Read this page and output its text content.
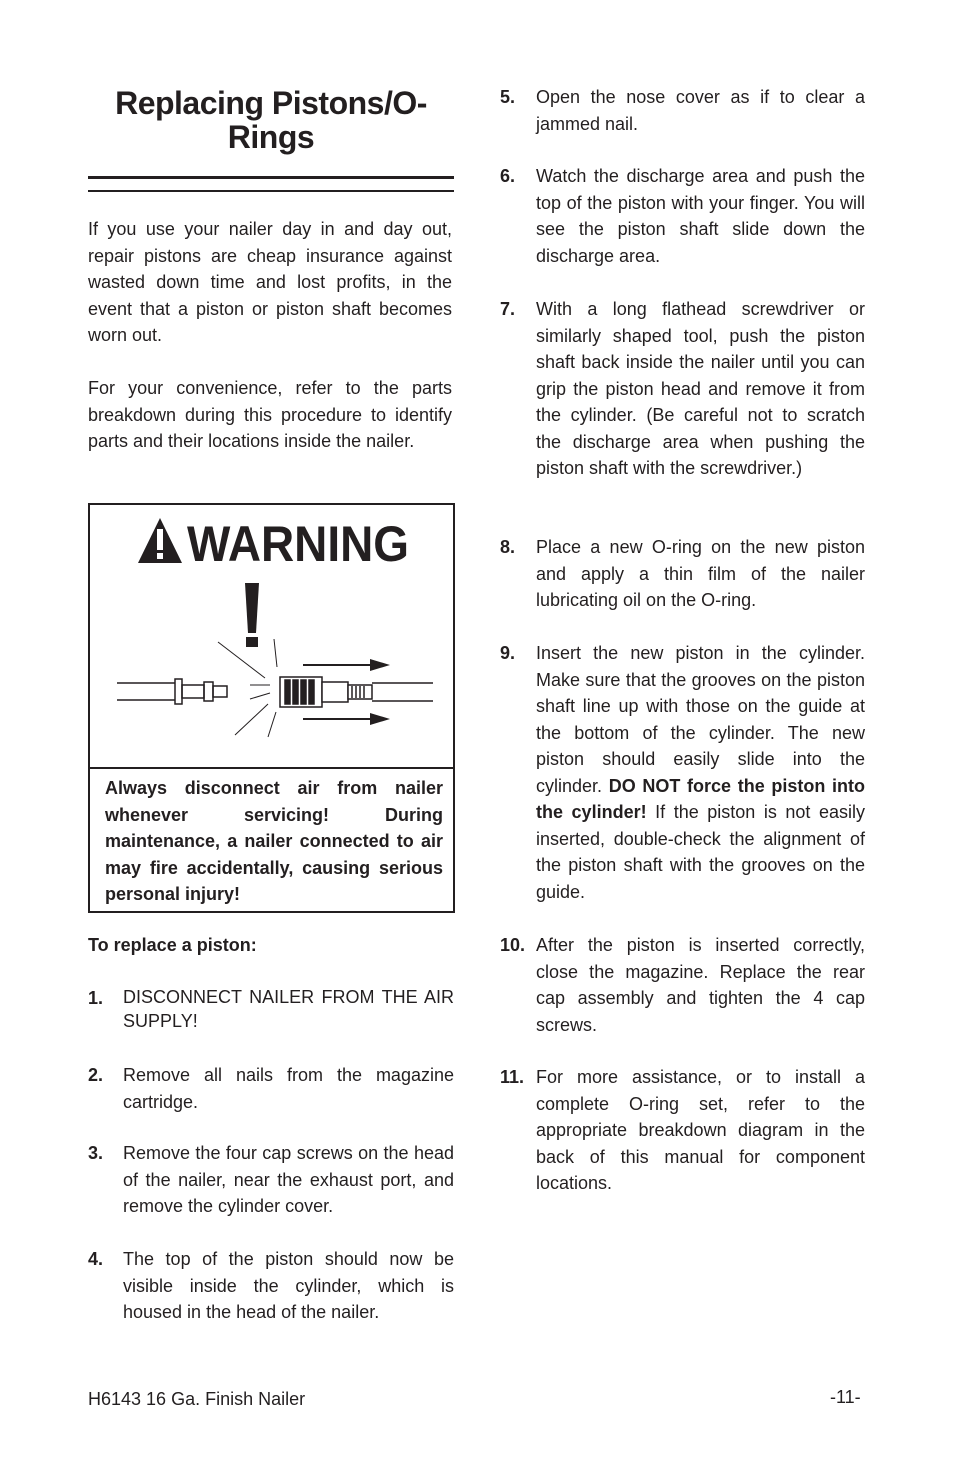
Replacing Pistons/O-Rings

If you use your nailer day in and day out, repair pistons are cheap insurance against wasted down time and lost profits, in the event that a piston or piston shaft becomes worn out.

For your convenience, refer to the parts breakdown during this procedure to identify parts and their locations inside the nailer.

WARNING

Always disconnect air from nailer whenever servicing! During maintenance, a nailer connected to air may fire accidentally, causing serious personal injury!

To replace a piston:

1. DISCONNECT NAILER FROM THE AIR SUPPLY!

2. Remove all nails from the magazine cartridge.

3. Remove the four cap screws on the head of the nailer, near the exhaust port, and remove the cylinder cover.

4. The top of the piston should now be visible inside the cylinder, which is housed in the head of the nailer.

5. Open the nose cover as if to clear a jammed nail.

6. Watch the discharge area and push the top of the piston with your finger. You will see the piston shaft slide down the discharge area.

7. With a long flathead screwdriver or similarly shaped tool, push the piston shaft back inside the nailer until you can grip the piston head and remove it from the cylinder. (Be careful not to scratch the discharge area when pushing the piston shaft with the screwdriver.)

8. Place a new O-ring on the new piston and apply a thin film of the nailer lubricating oil on the O-ring.

9. Insert the new piston in the cylinder. Make sure that the grooves on the piston shaft line up with those on the guide at the bottom of the cylinder. The new piston should easily slide into the cylinder. DO NOT force the piston into the cylinder! If the piston is not easily inserted, double-check the alignment of the piston shaft with the grooves on the guide.

10. After the piston is inserted correctly, close the magazine. Replace the rear cap assembly and tighten the 4 cap screws.

11. For more assistance, or to install a complete O-ring set, refer to the appropriate breakdown diagram in the back of this manual for component locations.

H6143 16 Ga. Finish Nailer	-11-
